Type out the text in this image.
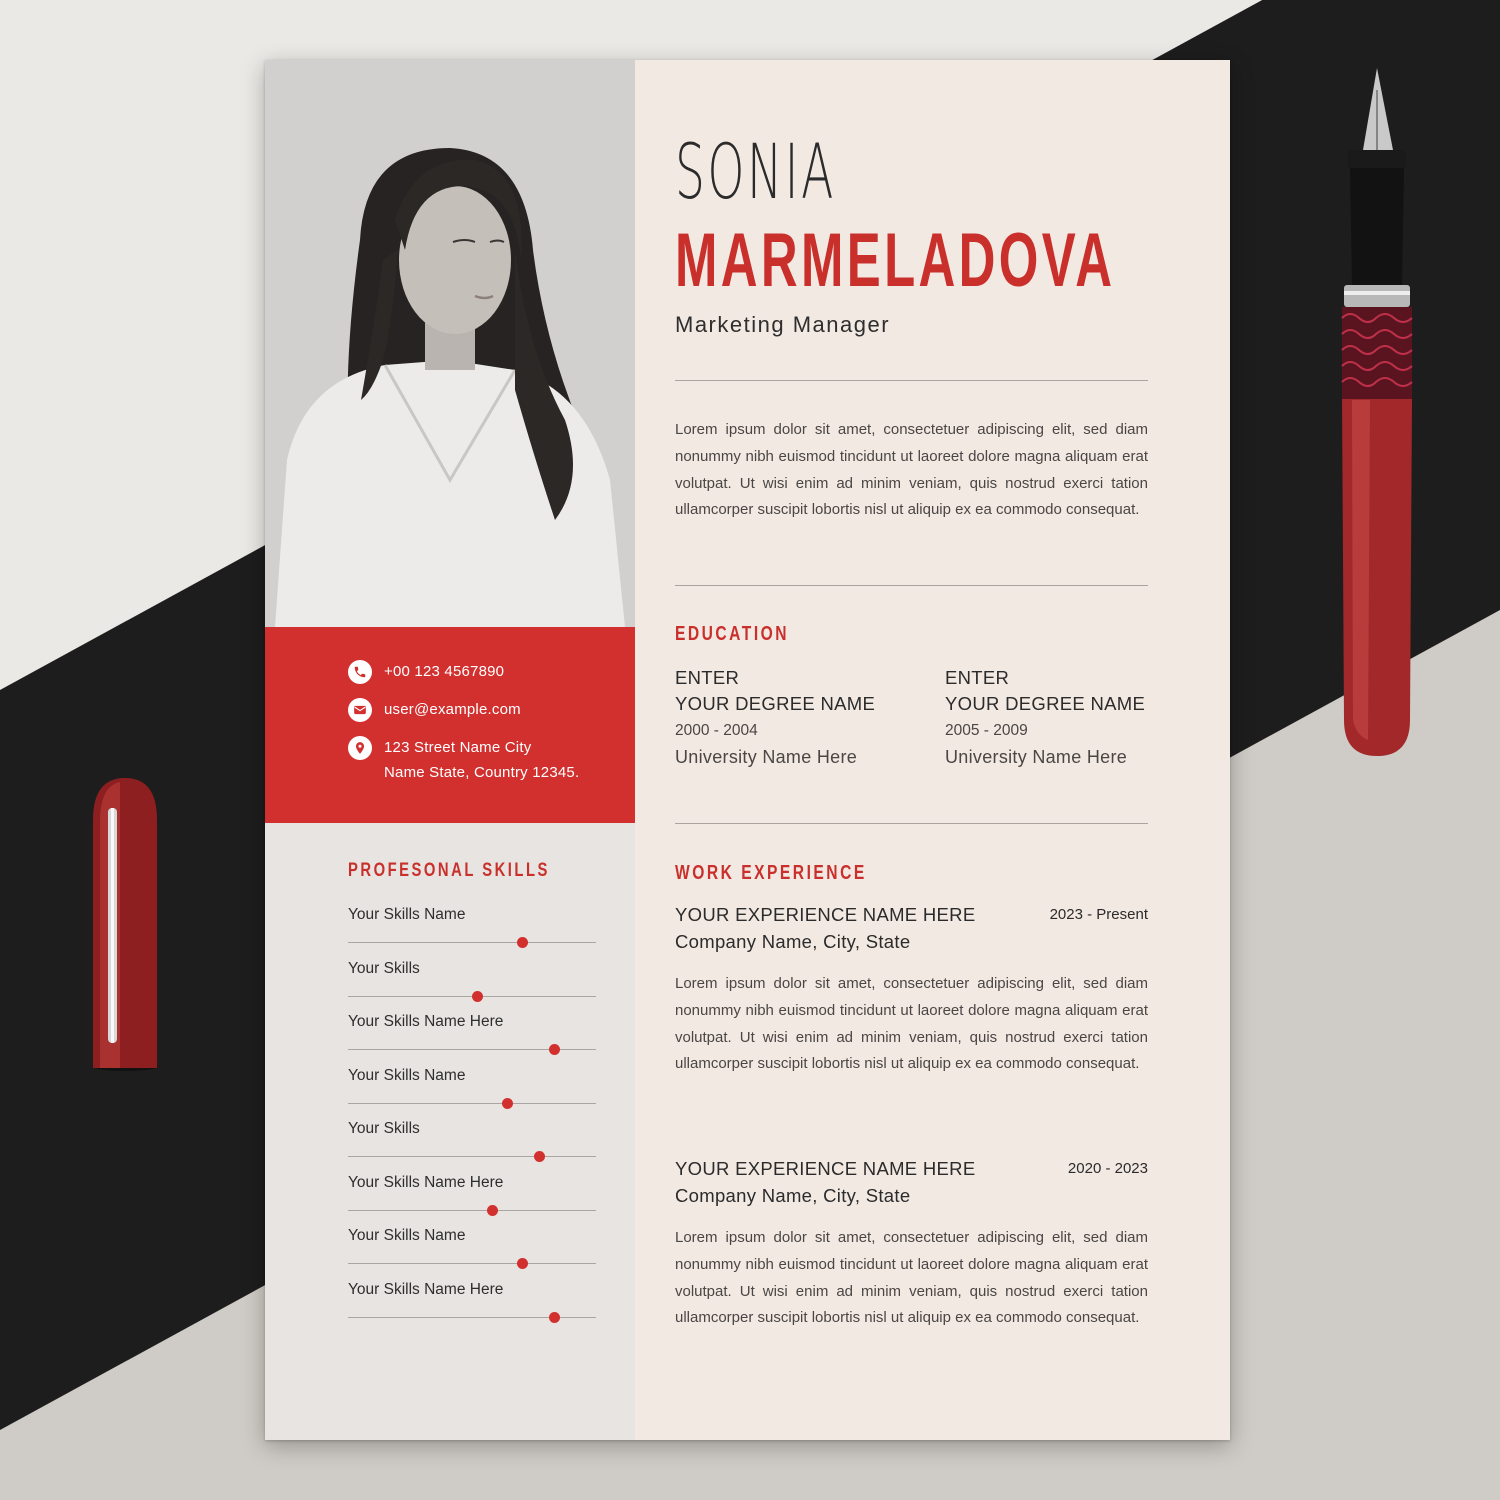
+00 123 4567890
user@example.com
123 Street Name City
Name State, Country 12345.
PROFESONAL SKILLS
Your Skills Name
Your Skills
Your Skills Name Here
Your Skills Name
Your Skills
Your Skills Name Here
Your Skills Name
Your Skills Name Here
SONIA
MARMELADOVA
Marketing Manager

Lorem ipsum dolor sit amet, consectetuer adipiscing elit, sed diam nonummy nibh euismod tincidunt ut laoreet dolore magna aliquam erat volutpat. Ut wisi enim ad minim veniam, quis nostrud exerci tation ullamcorper suscipit lobortis nisl ut aliquip ex ea commodo consequat.

EDUCATION
ENTER
YOUR DEGREE NAME
2000 - 2004
University Name Here
ENTER
YOUR DEGREE NAME
2005 - 2009
University Name Here
WORK EXPERIENCE
YOUR EXPERIENCE NAME HERE	2023 - Present
Company Name, City, State

Lorem ipsum dolor sit amet, consectetuer adipiscing elit, sed diam nonummy nibh euismod tincidunt ut laoreet dolore magna aliquam erat volutpat. Ut wisi enim ad minim veniam, quis nostrud exerci tation ullamcorper suscipit lobortis nisl ut aliquip ex ea commodo consequat.

YOUR EXPERIENCE NAME HERE	2020 - 2023
Company Name, City, State

Lorem ipsum dolor sit amet, consectetuer adipiscing elit, sed diam nonummy nibh euismod tincidunt ut laoreet dolore magna aliquam erat volutpat. Ut wisi enim ad minim veniam, quis nostrud exerci tation ullamcorper suscipit lobortis nisl ut aliquip ex ea commodo consequat.
